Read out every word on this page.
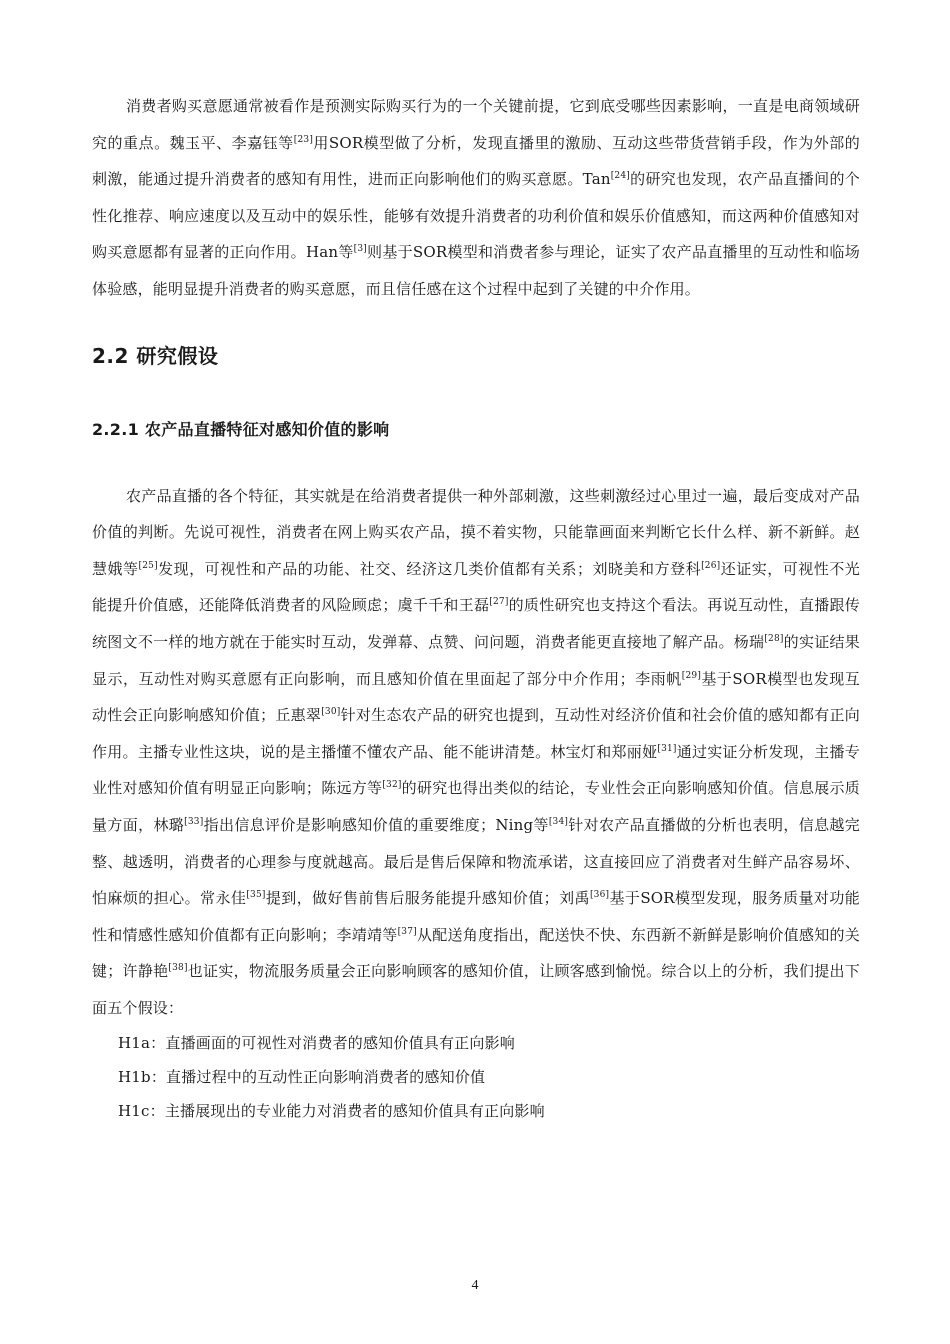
消费者购买意愿通常被看作是预测实际购买行为的一个关键前提，它到底受哪些因素影响，一直是电商领域研究的重点。魏玉平、李嘉钰等[23]用SOR模型做了分析，发现直播里的激励、互动这些带货营销手段，作为外部的刺激，能通过提升消费者的感知有用性，进而正向影响他们的购买意愿。Tan[24]的研究也发现，农产品直播间的个性化推荐、响应速度以及互动中的娱乐性，能够有效提升消费者的功利价值和娱乐价值感知，而这两种价值感知对购买意愿都有显著的正向作用。Han等[3]则基于SOR模型和消费者参与理论，证实了农产品直播里的互动性和临场体验感，能明显提升消费者的购买意愿，而且信任感在这个过程中起到了关键的中介作用。

2.2 研究假设
2.2.1 农产品直播特征对感知价值的影响

农产品直播的各个特征，其实就是在给消费者提供一种外部刺激，这些刺激经过心里过一遍，最后变成对产品价值的判断。先说可视性，消费者在网上购买农产品，摸不着实物，只能靠画面来判断它长什么样、新不新鲜。赵慧娥等[25]发现，可视性和产品的功能、社交、经济这几类价值都有关系；刘晓美和方登科[26]还证实，可视性不光能提升价值感，还能降低消费者的风险顾虑；虞千千和王磊[27]的质性研究也支持这个看法。再说互动性，直播跟传统图文不一样的地方就在于能实时互动，发弹幕、点赞、问问题，消费者能更直接地了解产品。杨瑞[28]的实证结果显示，互动性对购买意愿有正向影响，而且感知价值在里面起了部分中介作用；李雨帆[29]基于SOR模型也发现互动性会正向影响感知价值；丘惠翠[30]针对生态农产品的研究也提到，互动性对经济价值和社会价值的感知都有正向作用。主播专业性这块，说的是主播懂不懂农产品、能不能讲清楚。林宝灯和郑丽娅[31]通过实证分析发现，主播专业性对感知价值有明显正向影响；陈远方等[32]的研究也得出类似的结论，专业性会正向影响感知价值。信息展示质量方面，林璐[33]指出信息评价是影响感知价值的重要维度；Ning等[34]针对农产品直播做的分析也表明，信息越完整、越透明，消费者的心理参与度就越高。最后是售后保障和物流承诺，这直接回应了消费者对生鲜产品容易坏、怕麻烦的担心。常永佳[35]提到，做好售前售后服务能提升感知价值；刘禹[36]基于SOR模型发现，服务质量对功能性和情感性感知价值都有正向影响；李靖靖等[37]从配送角度指出，配送快不快、东西新不新鲜是影响价值感知的关键；许静艳[38]也证实，物流服务质量会正向影响顾客的感知价值，让顾客感到愉悦。综合以上的分析，我们提出下面五个假设：

H1a：直播画面的可视性对消费者的感知价值具有正向影响

H1b：直播过程中的互动性正向影响消费者的感知价值

H1c：主播展现出的专业能力对消费者的感知价值具有正向影响

4
